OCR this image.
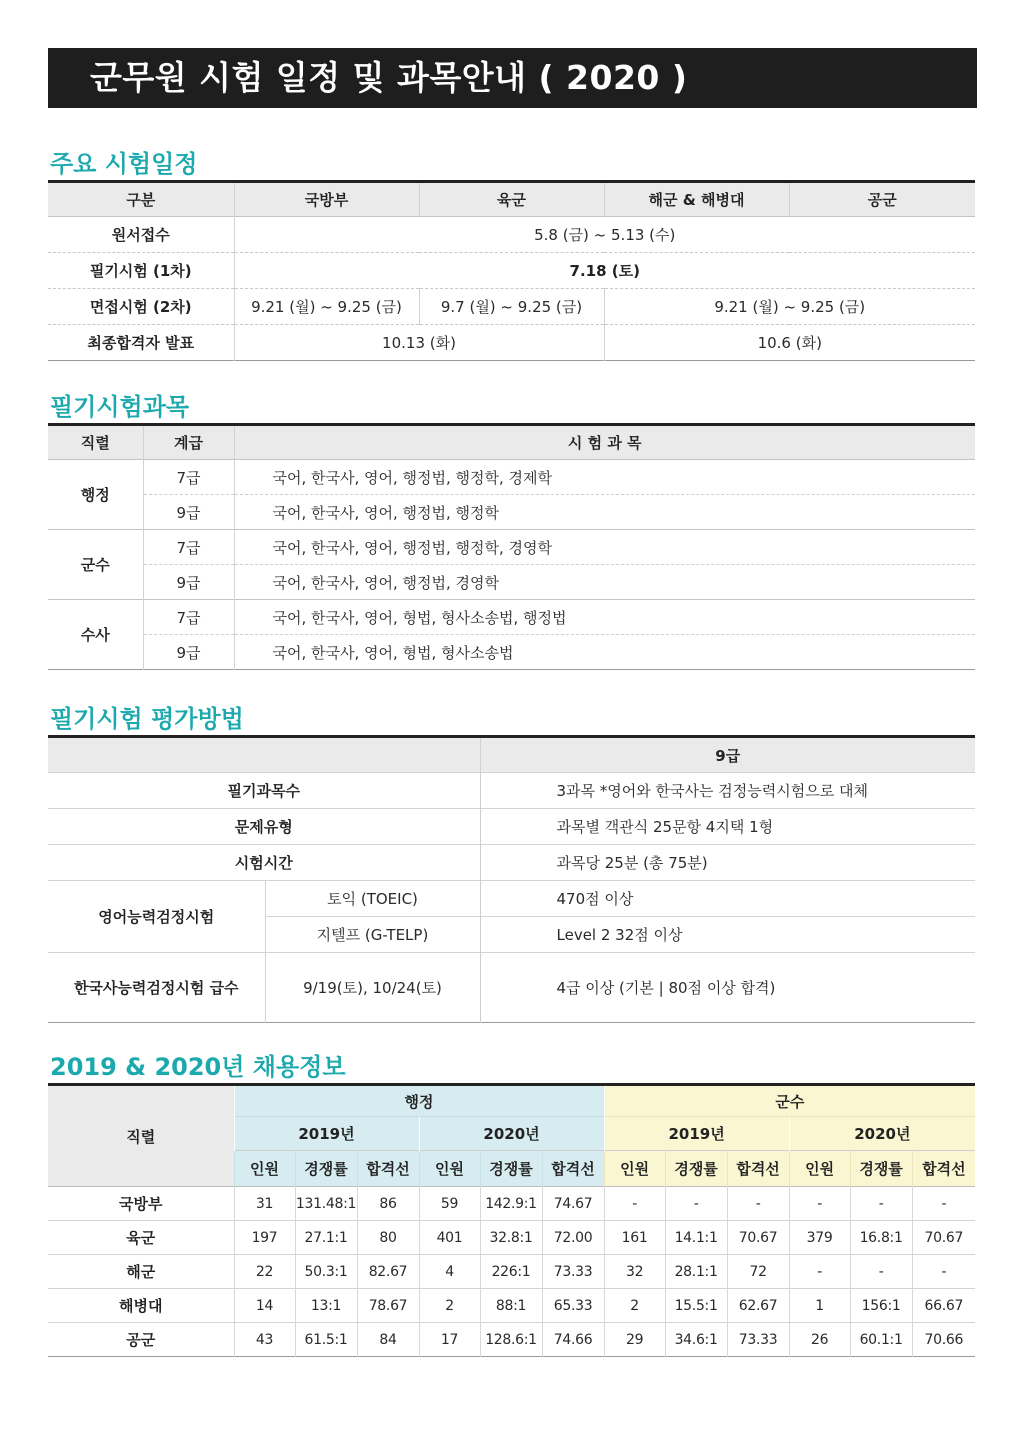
군무원 시험 일정 및 과목안내 ( 2020 )
주요 시험일정
구분	국방부	육군	해군 & 해병대	공군
원서접수	5.8 (금) ~ 5.13 (수)			
필기시험 (1차)	7.18 (토)			
면접시험 (2차)	9.21 (월) ~ 9.25 (금)	9.7 (월) ~ 9.25 (금)	9.21 (월) ~ 9.25 (금)	
최종합격자 발표	10.13 (화)		10.6 (화)	
필기시험과목
직렬	계급	시 험 과 목
행정	7급	국어, 한국사, 영어, 행정법, 행정학, 경제학
	9급	국어, 한국사, 영어, 행정법, 행정학
군수	7급	국어, 한국사, 영어, 행정법, 행정학, 경영학
	9급	국어, 한국사, 영어, 행정법, 경영학
수사	7급	국어, 한국사, 영어, 형법, 형사소송법, 행정법
	9급	국어, 한국사, 영어, 형법, 형사소송법
필기시험 평가방법
		9급
필기과목수		3과목 *영어와 한국사는 검정능력시험으로 대체
문제유형		과목별 객관식 25문항 4지택 1형
시험시간		과목당 25분 (총 75분)
영어능력검정시험	토익 (TOEIC)	470점 이상
	지텔프 (G-TELP)	Level 2 32점 이상
한국사능력검정시험 급수	9/19(토), 10/24(토)	4급 이상 (기본 | 80점 이상 합격)
2019 & 2020년 채용정보
직렬	행정						군수					
	2019년			2020년			2019년			2020년		
	인원	경쟁률	합격선	인원	경쟁률	합격선	인원	경쟁률	합격선	인원	경쟁률	합격선
국방부	31	131.48:1	86	59	142.9:1	74.67	-	-	-	-	-	-
육군	197	27.1:1	80	401	32.8:1	72.00	161	14.1:1	70.67	379	16.8:1	70.67
해군	22	50.3:1	82.67	4	226:1	73.33	32	28.1:1	72	-	-	-
해병대	14	13:1	78.67	2	88:1	65.33	2	15.5:1	62.67	1	156:1	66.67
공군	43	61.5:1	84	17	128.6:1	74.66	29	34.6:1	73.33	26	60.1:1	70.66
